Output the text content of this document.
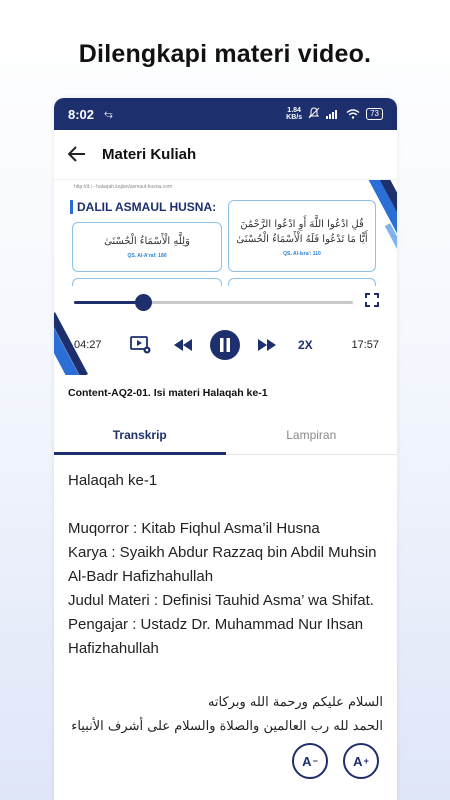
Dilengkapi materi video.
8:02 ⥃	1.84
KB/s	73
Materi Kuliah
http://d.i - halaqah.kajian/asmaul-husna.com
DALIL ASMAUL HUSNA:
وَلِلَّهِ الْأَسْمَاءُ الْحُسْنَىٰ
QS. Al-A'raf: 180
قُلِ ادْعُوا اللَّهَ أَوِ ادْعُوا الرَّحْمَٰنَ
أَيًّا مَا تَدْعُوا فَلَهُ الْأَسْمَاءُ الْحُسْنَىٰ
QS. Al-Isra': 110
04:27	2X	17:57
Content-AQ2-01. Isi materi Halaqah ke-1
Transkrip	Lampiran
Halaqah ke-1
Muqorror : Kitab Fiqhul Asma’il Husna
Karya : Syaikh Abdur Razzaq bin Abdil Muhsin Al-Badr Hafizhahullah
Judul Materi : Definisi Tauhid Asma’ wa Shifat.
Pengajar : Ustadz Dr. Muhammad Nur Ihsan Hafizhahullah
السلام عليكم ورحمة الله وبركاته
الحمد لله رب العالمين والصلاة والسلام على أشرف الأنبياء
A −	A +
